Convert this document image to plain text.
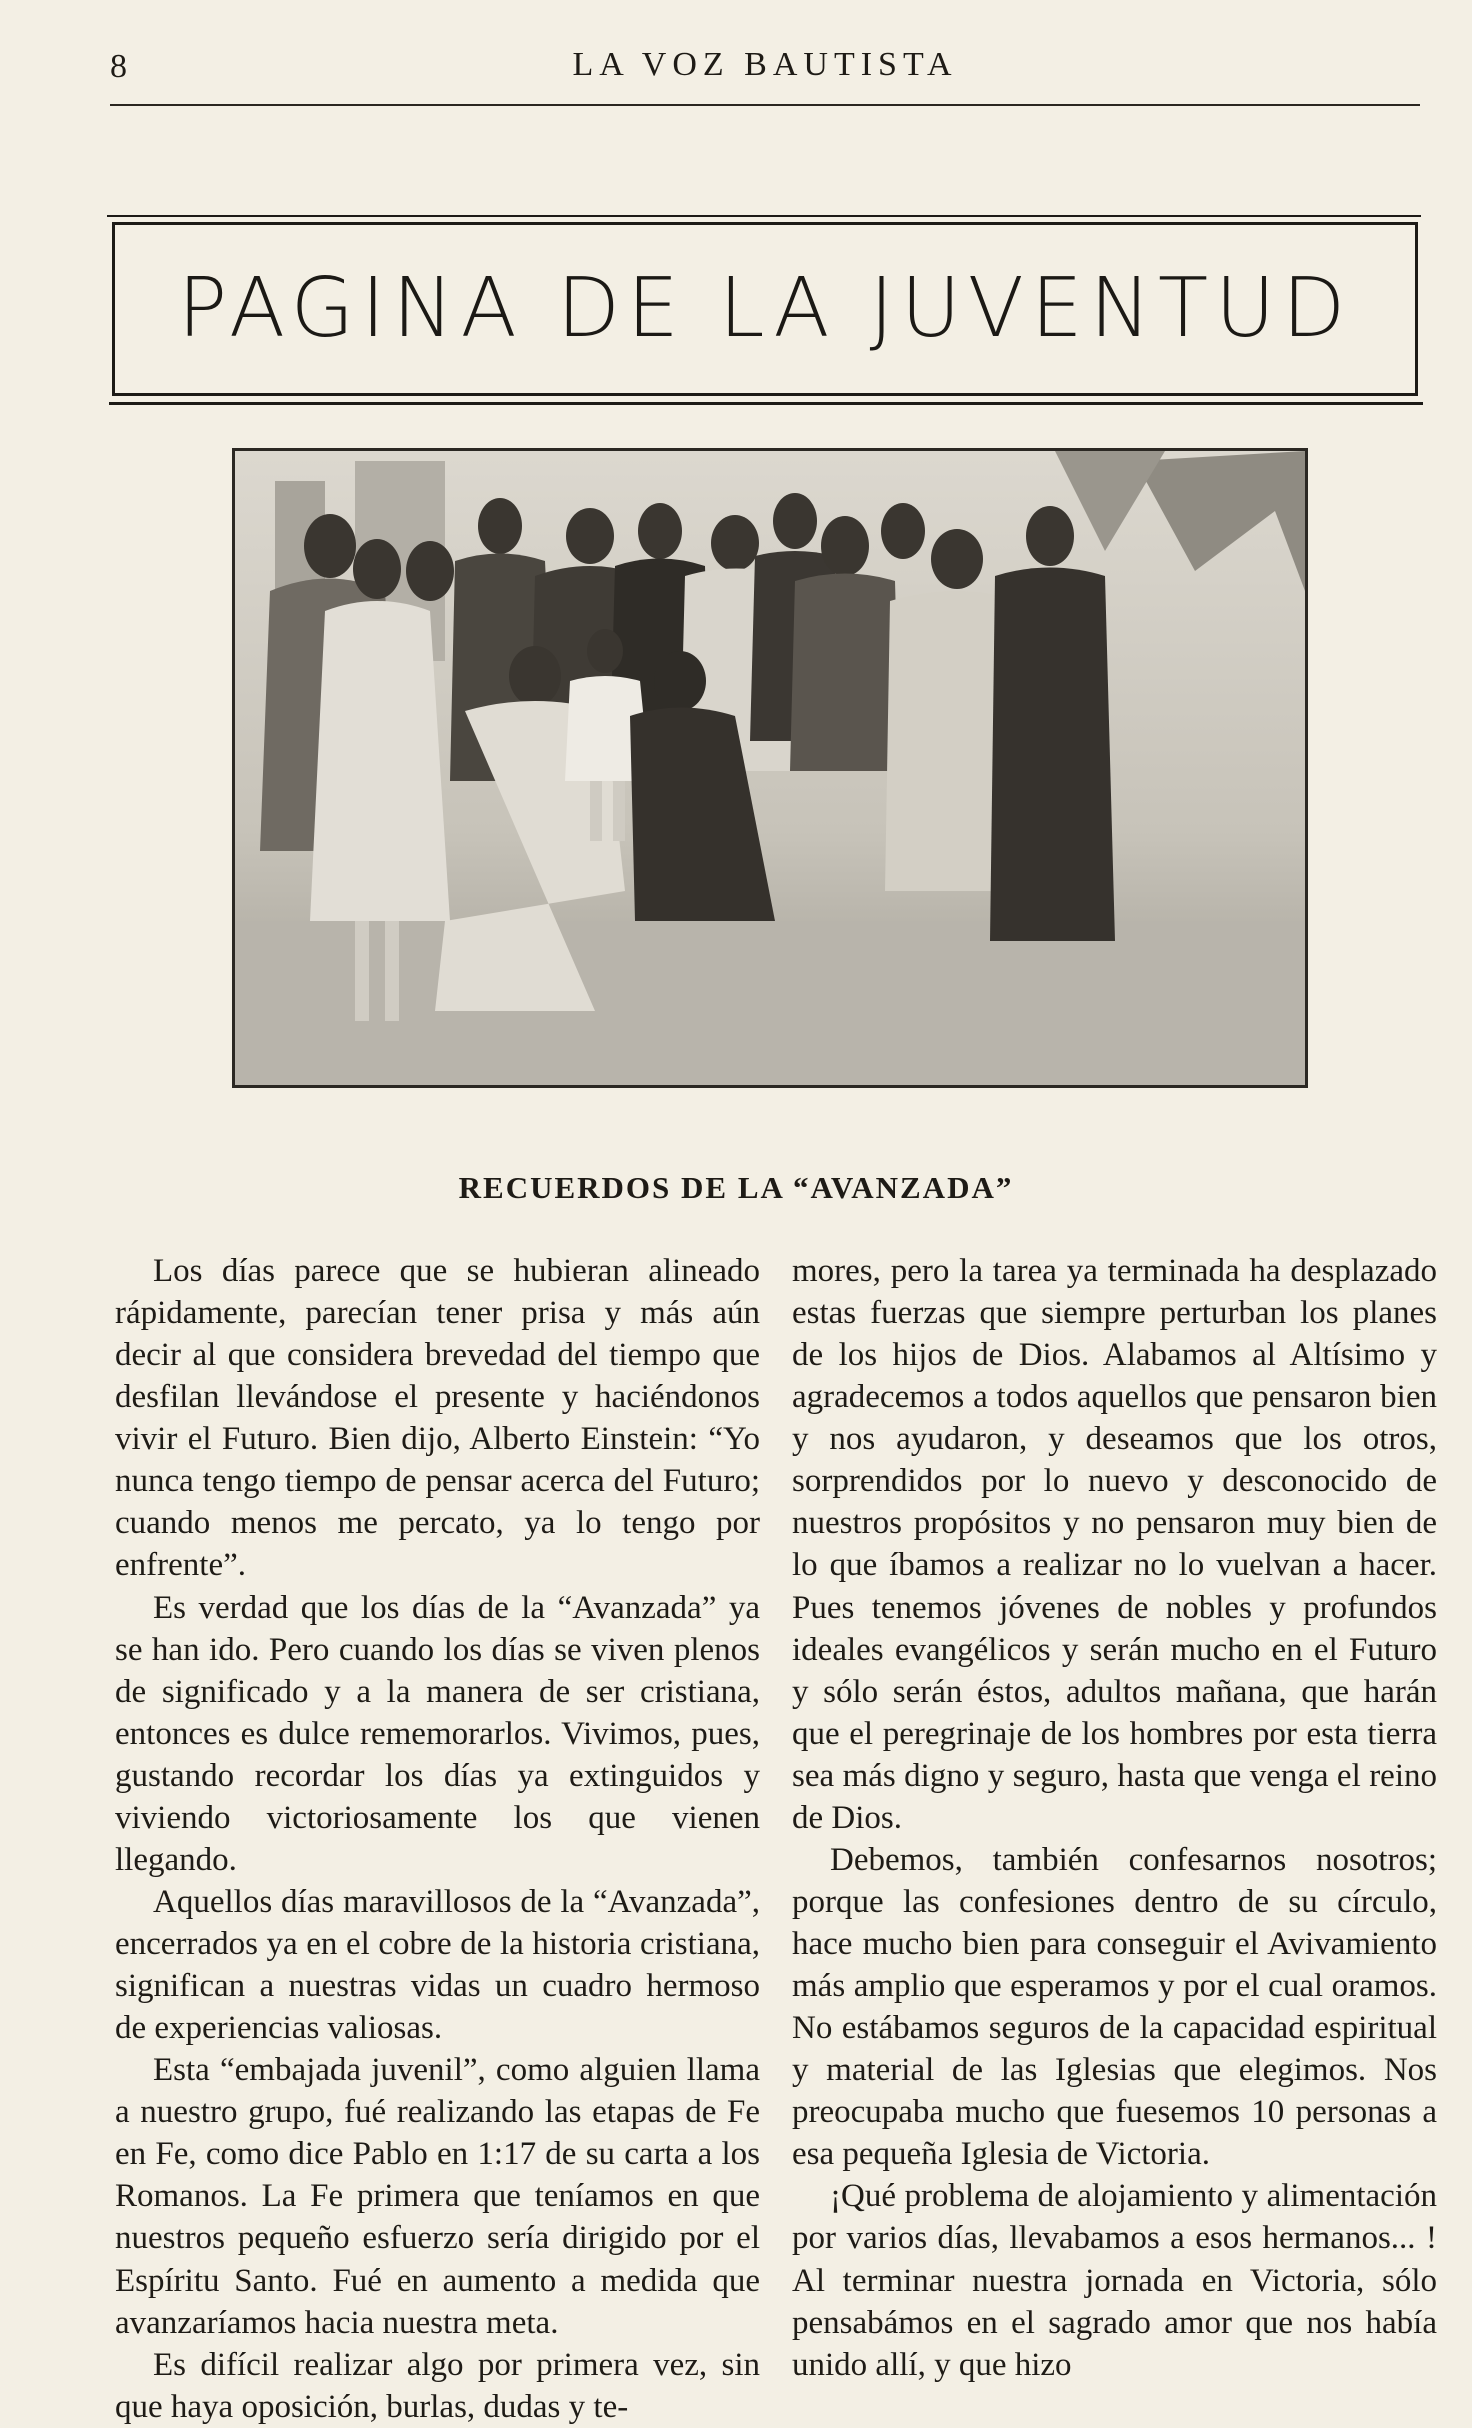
8	LA VOZ BAUTISTA
PAGINA DE LA JUVENTUD
RECUERDOS DE LA “AVANZADA”

Los días parece que se hubieran alineado rápidamente, parecían tener prisa y más aún decir al que considera brevedad del tiempo que desfilan llevándose el presente y haciéndonos vivir el Futuro. Bien dijo, Alberto Einstein: “Yo nunca tengo tiempo de pensar acerca del Futuro; cuando menos me percato, ya lo tengo por enfrente”.

Es verdad que los días de la “Avanzada” ya se han ido. Pero cuando los días se viven plenos de significado y a la manera de ser cristiana, entonces es dulce rememorarlos. Vivimos, pues, gustando recordar los días ya extinguidos y viviendo victoriosamente los que vienen llegando.

Aquellos días maravillosos de la “Avanzada”, encerrados ya en el cobre de la historia cristiana, significan a nuestras vidas un cuadro hermoso de experiencias valiosas.

Esta “embajada juvenil”, como alguien llama a nuestro grupo, fué realizando las etapas de Fe en Fe, como dice Pablo en 1:17 de su carta a los Romanos. La Fe primera que teníamos en que nuestros pequeño esfuerzo sería dirigido por el Espíritu Santo. Fué en aumento a medida que avanzaríamos hacia nuestra meta.

Es difícil realizar algo por primera vez, sin que haya oposición, burlas, dudas y te-

mores, pero la tarea ya terminada ha desplazado estas fuerzas que siempre perturban los planes de los hijos de Dios. Alabamos al Altísimo y agradecemos a todos aquellos que pensaron bien y nos ayudaron, y deseamos que los otros, sorprendidos por lo nuevo y desconocido de nuestros propósitos y no pensaron muy bien de lo que íbamos a realizar no lo vuelvan a hacer. Pues tenemos jóvenes de nobles y profundos ideales evangélicos y serán mucho en el Futuro y sólo serán éstos, adultos mañana, que harán que el peregrinaje de los hombres por esta tierra sea más digno y seguro, hasta que venga el reino de Dios.

Debemos, también confesarnos nosotros; porque las confesiones dentro de su círculo, hace mucho bien para conseguir el Avivamiento más amplio que esperamos y por el cual oramos. No estábamos seguros de la capacidad espiritual y material de las Iglesias que elegimos. Nos preocupaba mucho que fuesemos 10 personas a esa pequeña Iglesia de Victoria.

¡Qué problema de alojamiento y alimentación por varios días, llevabamos a esos hermanos... ! Al terminar nuestra jornada en Victoria, sólo pensabámos en el sagrado amor que nos había unido allí, y que hizo
